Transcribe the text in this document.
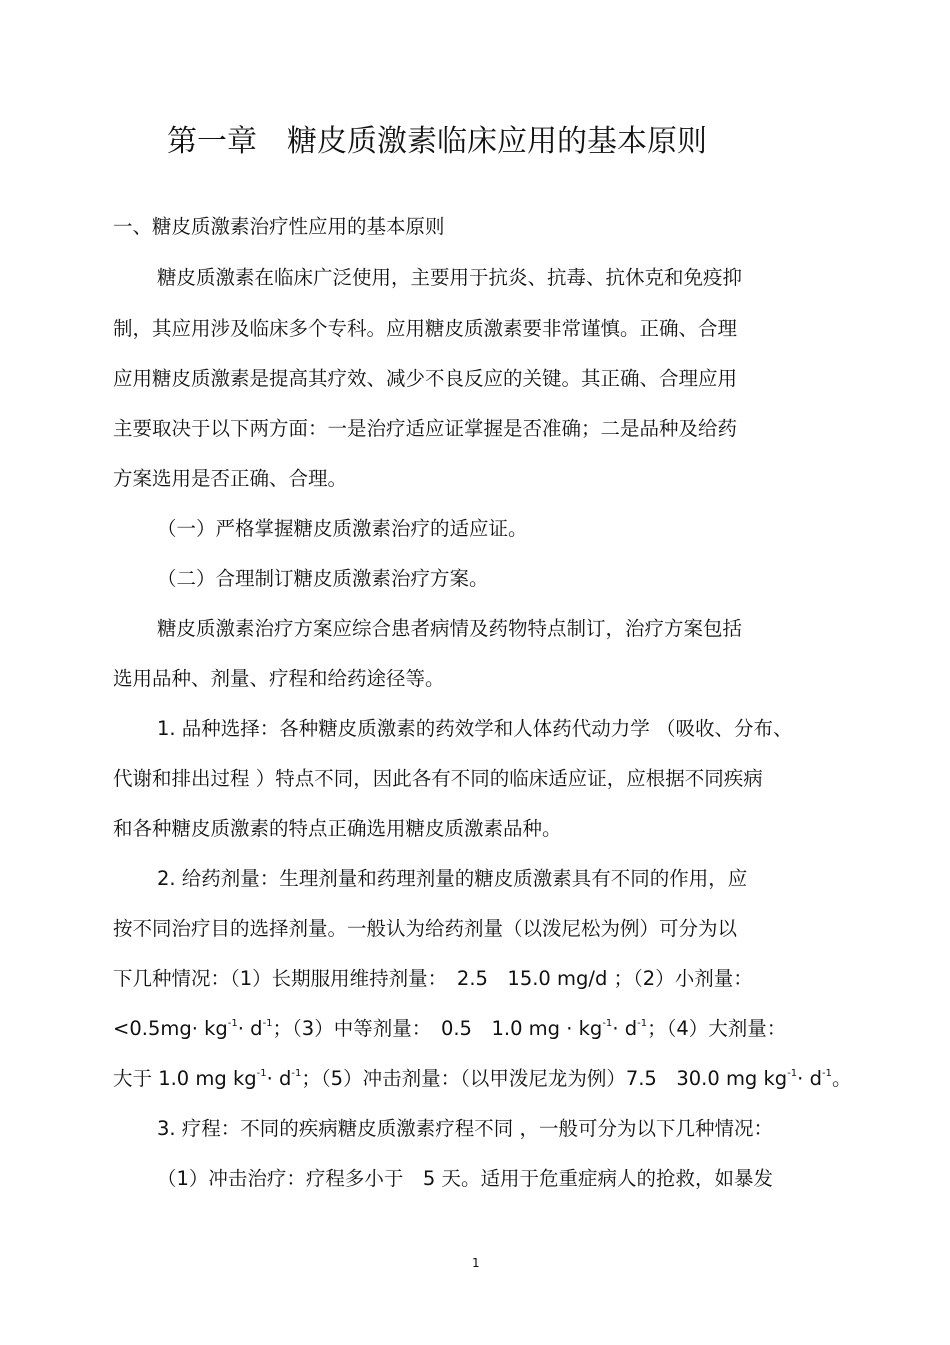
第一章　糖皮质激素临床应用的基本原则
一、糖皮质激素治疗性应用的基本原则
糖皮质激素在临床广泛使用，主要用于抗炎、抗毒、抗休克和免疫抑
制，其应用涉及临床多个专科。应用糖皮质激素要非常谨慎。正确、合理
应用糖皮质激素是提高其疗效、减少不良反应的关键。其正确、合理应用
主要取决于以下两方面：一是治疗适应证掌握是否准确；二是品种及给药
方案选用是否正确、合理。
（一）严格掌握糖皮质激素治疗的适应证。
（二）合理制订糖皮质激素治疗方案。
糖皮质激素治疗方案应综合患者病情及药物特点制订，治疗方案包括
选用品种、剂量、疗程和给药途径等。
1. 品种选择：各种糖皮质激素的药效学和人体药代动力学 （吸收、分布、
代谢和排出过程 ）特点不同，因此各有不同的临床适应证，应根据不同疾病
和各种糖皮质激素的特点正确选用糖皮质激素品种。
2. 给药剂量：生理剂量和药理剂量的糖皮质激素具有不同的作用，应
按不同治疗目的选择剂量。一般认为给药剂量（以泼尼松为例）可分为以
下几种情况：（1）长期服用维持剂量：　2.5　15.0 mg/d ；（2）小剂量：
$<0.5mg\cdot kg^{-1}\cdot d^{-1}$；（3）中等剂量：　0.5　1.0 mg · $kg^{-1}\cdot d^{-1}$；（4）大剂量：
大于 1.0 mg $kg^{-1}\cdot d^{-1}$；（5）冲击剂量：（以甲泼尼龙为例）7.5　30.0 mg $kg^{-1}\cdot d^{-1}$。
3. 疗程：不同的疾病糖皮质激素疗程不同 ，一般可分为以下几种情况：
（1）冲击治疗：疗程多小于　5 天。适用于危重症病人的抢救，如暴发
1
